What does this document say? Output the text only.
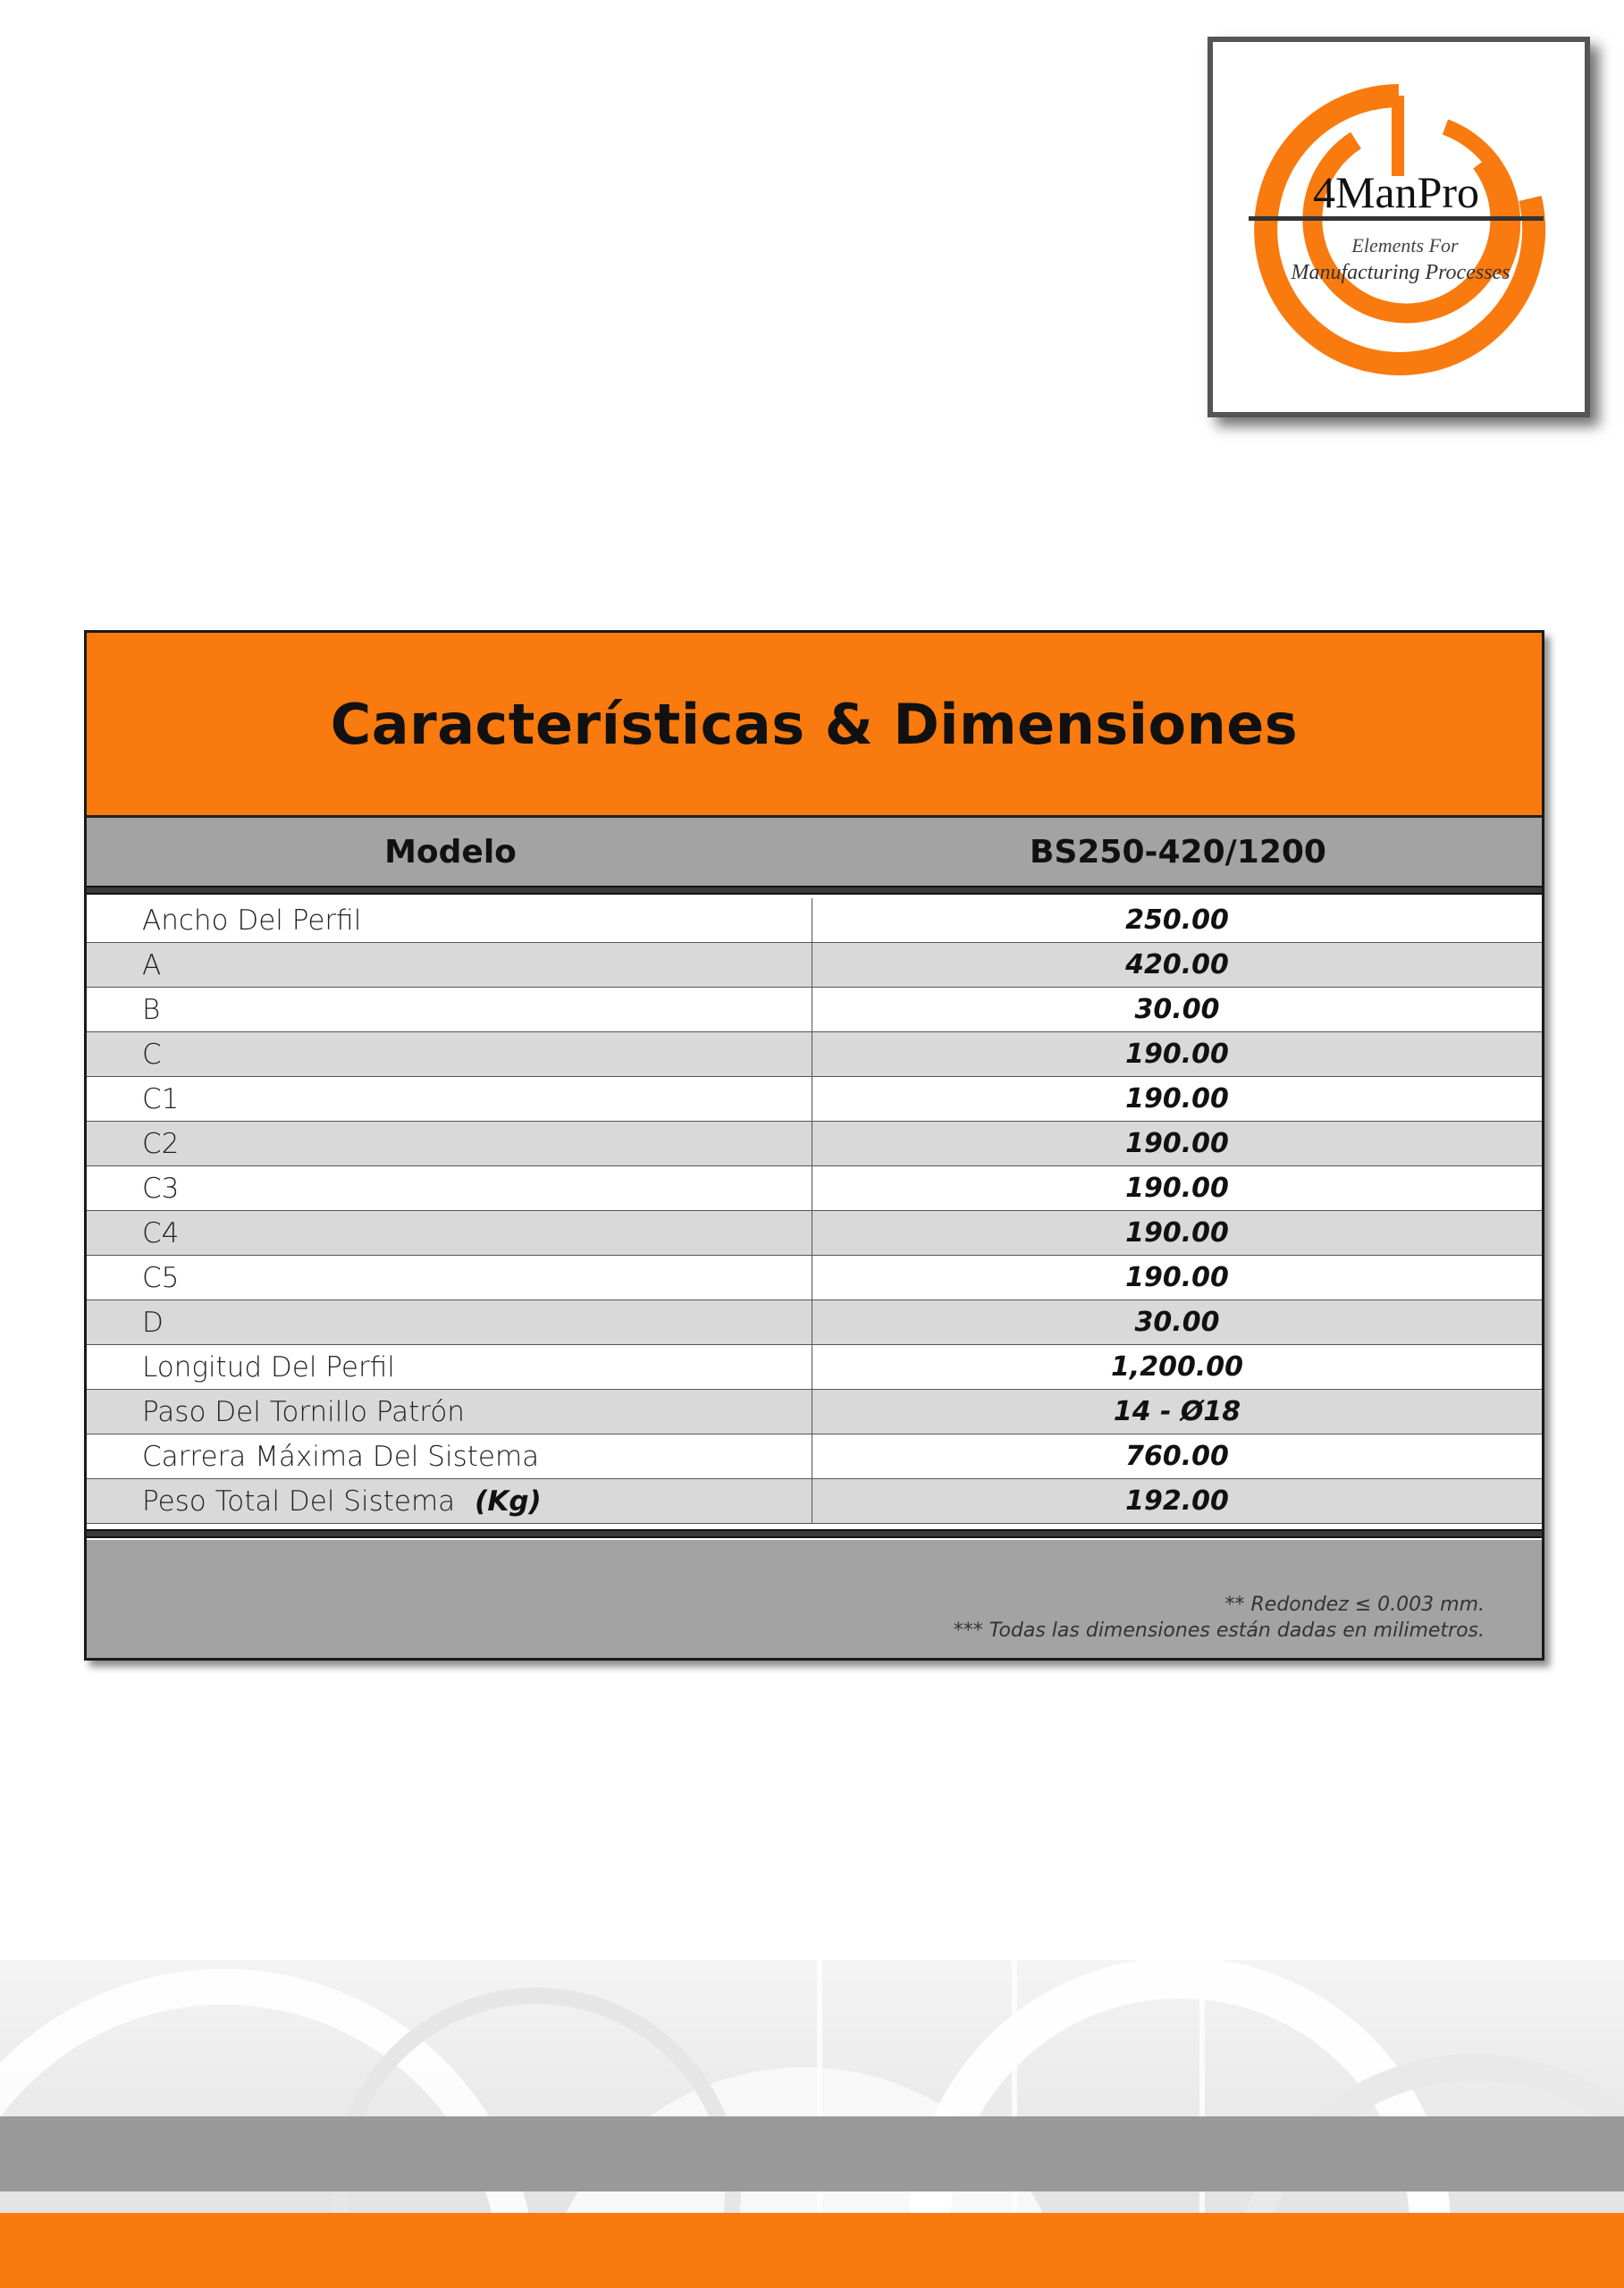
4ManPro
Elements For
Manufacturing Processes
Características & Dimensiones
Modelo	BS250-420/1200
Ancho Del Perfil	250.00
A	420.00
B	30.00
C	190.00
C1	190.00
C2	190.00
C3	190.00
C4	190.00
C5	190.00
D	30.00
Longitud Del Perfil	1,200.00
Paso Del Tornillo Patrón	14 - Ø18
Carrera Máxima Del Sistema	760.00
Peso Total Del Sistema (Kg)	192.00
** Redondez ≤ 0.003 mm.
*** Todas las dimensiones están dadas en milimetros.
